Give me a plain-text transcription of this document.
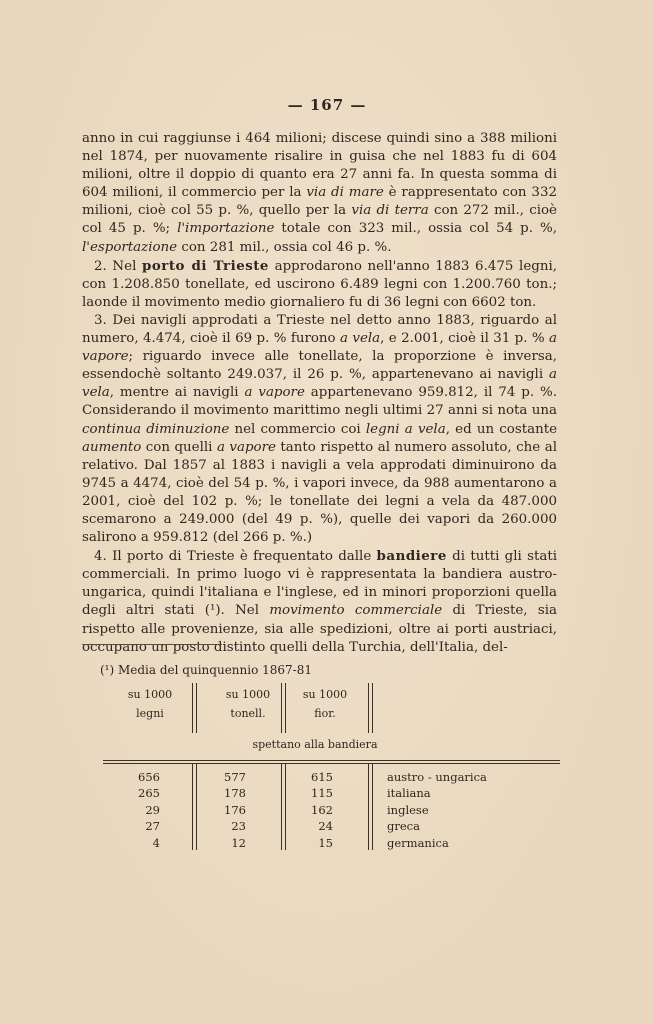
— 167 —

anno in cui raggiunse i 464 milioni; discese quindi sino a 388 milioni nel 1874, per nuovamente risalire in guisa che nel 1883 fu di 604 milioni, oltre il doppio di quanto era 27 anni fa. In questa somma di 604 milioni, il commercio per la via di mare è rappresentato con 332 milioni, cioè col 55 p. %, quello per la via di terra con 272 mil., cioè col 45 p. %; l'importazione totale con 323 mil., ossia col 54 p. %, l'esportazione con 281 mil., ossia col 46 p. %.

2. Nel porto di Trieste approdarono nell'anno 1883 6.475 legni, con 1.208.850 tonellate, ed uscirono 6.489 legni con 1.200.760 ton.; laonde il movimento medio giornaliero fu di 36 legni con 6602 ton.

3. Dei navigli approdati a Trieste nel detto anno 1883, riguardo al numero, 4.474, cioè il 69 p. % furono a vela, e 2.001, cioè il 31 p. % a vapore; riguardo invece alle tonellate, la proporzione è inversa, essendochè soltanto 249.037, il 26 p. %, appartenevano ai navigli a vela, mentre ai navigli a vapore appartenevano 959.812, il 74 p. %. Considerando il movimento marittimo negli ultimi 27 anni si nota una continua diminuzione nel commercio coi legni a vela, ed un costante aumento con quelli a vapore tanto rispetto al numero assoluto, che al relativo. Dal 1857 al 1883 i navigli a vela approdati diminuirono da 9745 a 4474, cioè del 54 p. %, i vapori invece, da 988 aumentarono a 2001, cioè del 102 p. %; le tonellate dei legni a vela da 487.000 scemarono a 249.000 (del 49 p. %), quelle dei vapori da 260.000 salirono a 959.812 (del 266 p. %.)

4. Il porto di Trieste è frequentato dalle bandiere di tutti gli stati commerciali. In primo luogo vi è rappresentata la bandiera austro-ungarica, quindi l'italiana e l'inglese, ed in minori proporzioni quella degli altri stati (¹). Nel movimento commerciale di Trieste, sia rispetto alle provenienze, sia alle spedizioni, oltre ai porti austriaci, occupano un posto distinto quelli della Turchia, dell'Italia, del-

(¹) Media del quinquennio 1867-81
su 1000
legni
su 1000
tonell.
su 1000
fior.
spettano alla bandiera
656	577	615	austro - ungarica
265	178	115	italiana
29	176	162	inglese
27	23	24	greca
4	12	15	germanica
